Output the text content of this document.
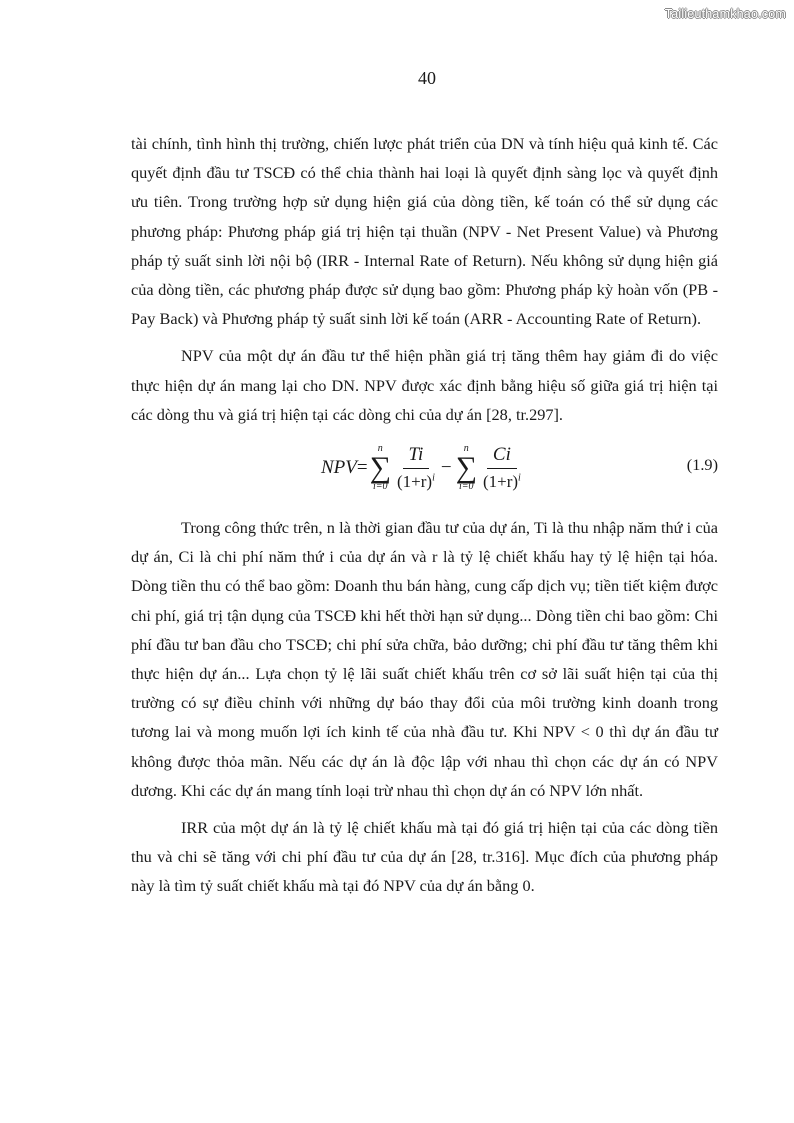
Tailieuthamkhao.com
40

tài chính, tình hình thị trường, chiến lược phát triển của DN và tính hiệu quả kinh tế. Các quyết định đầu tư TSCĐ có thể chia thành hai loại là quyết định sàng lọc và quyết định ưu tiên. Trong trường hợp sử dụng hiện giá của dòng tiền, kế toán có thể sử dụng các phương pháp: Phương pháp giá trị hiện tại thuần (NPV - Net Present Value) và Phương pháp tỷ suất sinh lời nội bộ (IRR - Internal Rate of Return). Nếu không sử dụng hiện giá của dòng tiền, các phương pháp được sử dụng bao gồm: Phương pháp kỳ hoàn vốn (PB - Pay Back) và Phương pháp tỷ suất sinh lời kế toán (ARR - Accounting Rate of Return).

NPV của một dự án đầu tư thể hiện phần giá trị tăng thêm hay giảm đi do việc thực hiện dự án mang lại cho DN. NPV được xác định bằng hiệu số giữa giá trị hiện tại các dòng thu và giá trị hiện tại các dòng chi của dự án [28, tr.297].

NPV =
n
∑
$i=0 \frac{Ti}{(1+r)^i}$ −
n
∑
$i=0 \frac{Ci}{(1+r)^i}$	(1.9)

Trong công thức trên, n là thời gian đầu tư của dự án, Ti là thu nhập năm thứ i của dự án, Ci là chi phí năm thứ i của dự án và r là tỷ lệ chiết khấu hay tỷ lệ hiện tại hóa. Dòng tiền thu có thể bao gồm: Doanh thu bán hàng, cung cấp dịch vụ; tiền tiết kiệm được chi phí, giá trị tận dụng của TSCĐ khi hết thời hạn sử dụng... Dòng tiền chi bao gồm: Chi phí đầu tư ban đầu cho TSCĐ; chi phí sửa chữa, bảo dưỡng; chi phí đầu tư tăng thêm khi thực hiện dự án... Lựa chọn tỷ lệ lãi suất chiết khấu trên cơ sở lãi suất hiện tại của thị trường có sự điều chỉnh với những dự báo thay đổi của môi trường kinh doanh trong tương lai và mong muốn lợi ích kinh tế của nhà đầu tư. Khi NPV < 0 thì dự án đầu tư không được thỏa mãn. Nếu các dự án là độc lập với nhau thì chọn các dự án có NPV dương. Khi các dự án mang tính loại trừ nhau thì chọn dự án có NPV lớn nhất.

IRR của một dự án là tỷ lệ chiết khấu mà tại đó giá trị hiện tại của các dòng tiền thu và chi sẽ tăng với chi phí đầu tư của dự án [28, tr.316]. Mục đích của phương pháp này là tìm tỷ suất chiết khấu mà tại đó NPV của dự án bằng 0.
